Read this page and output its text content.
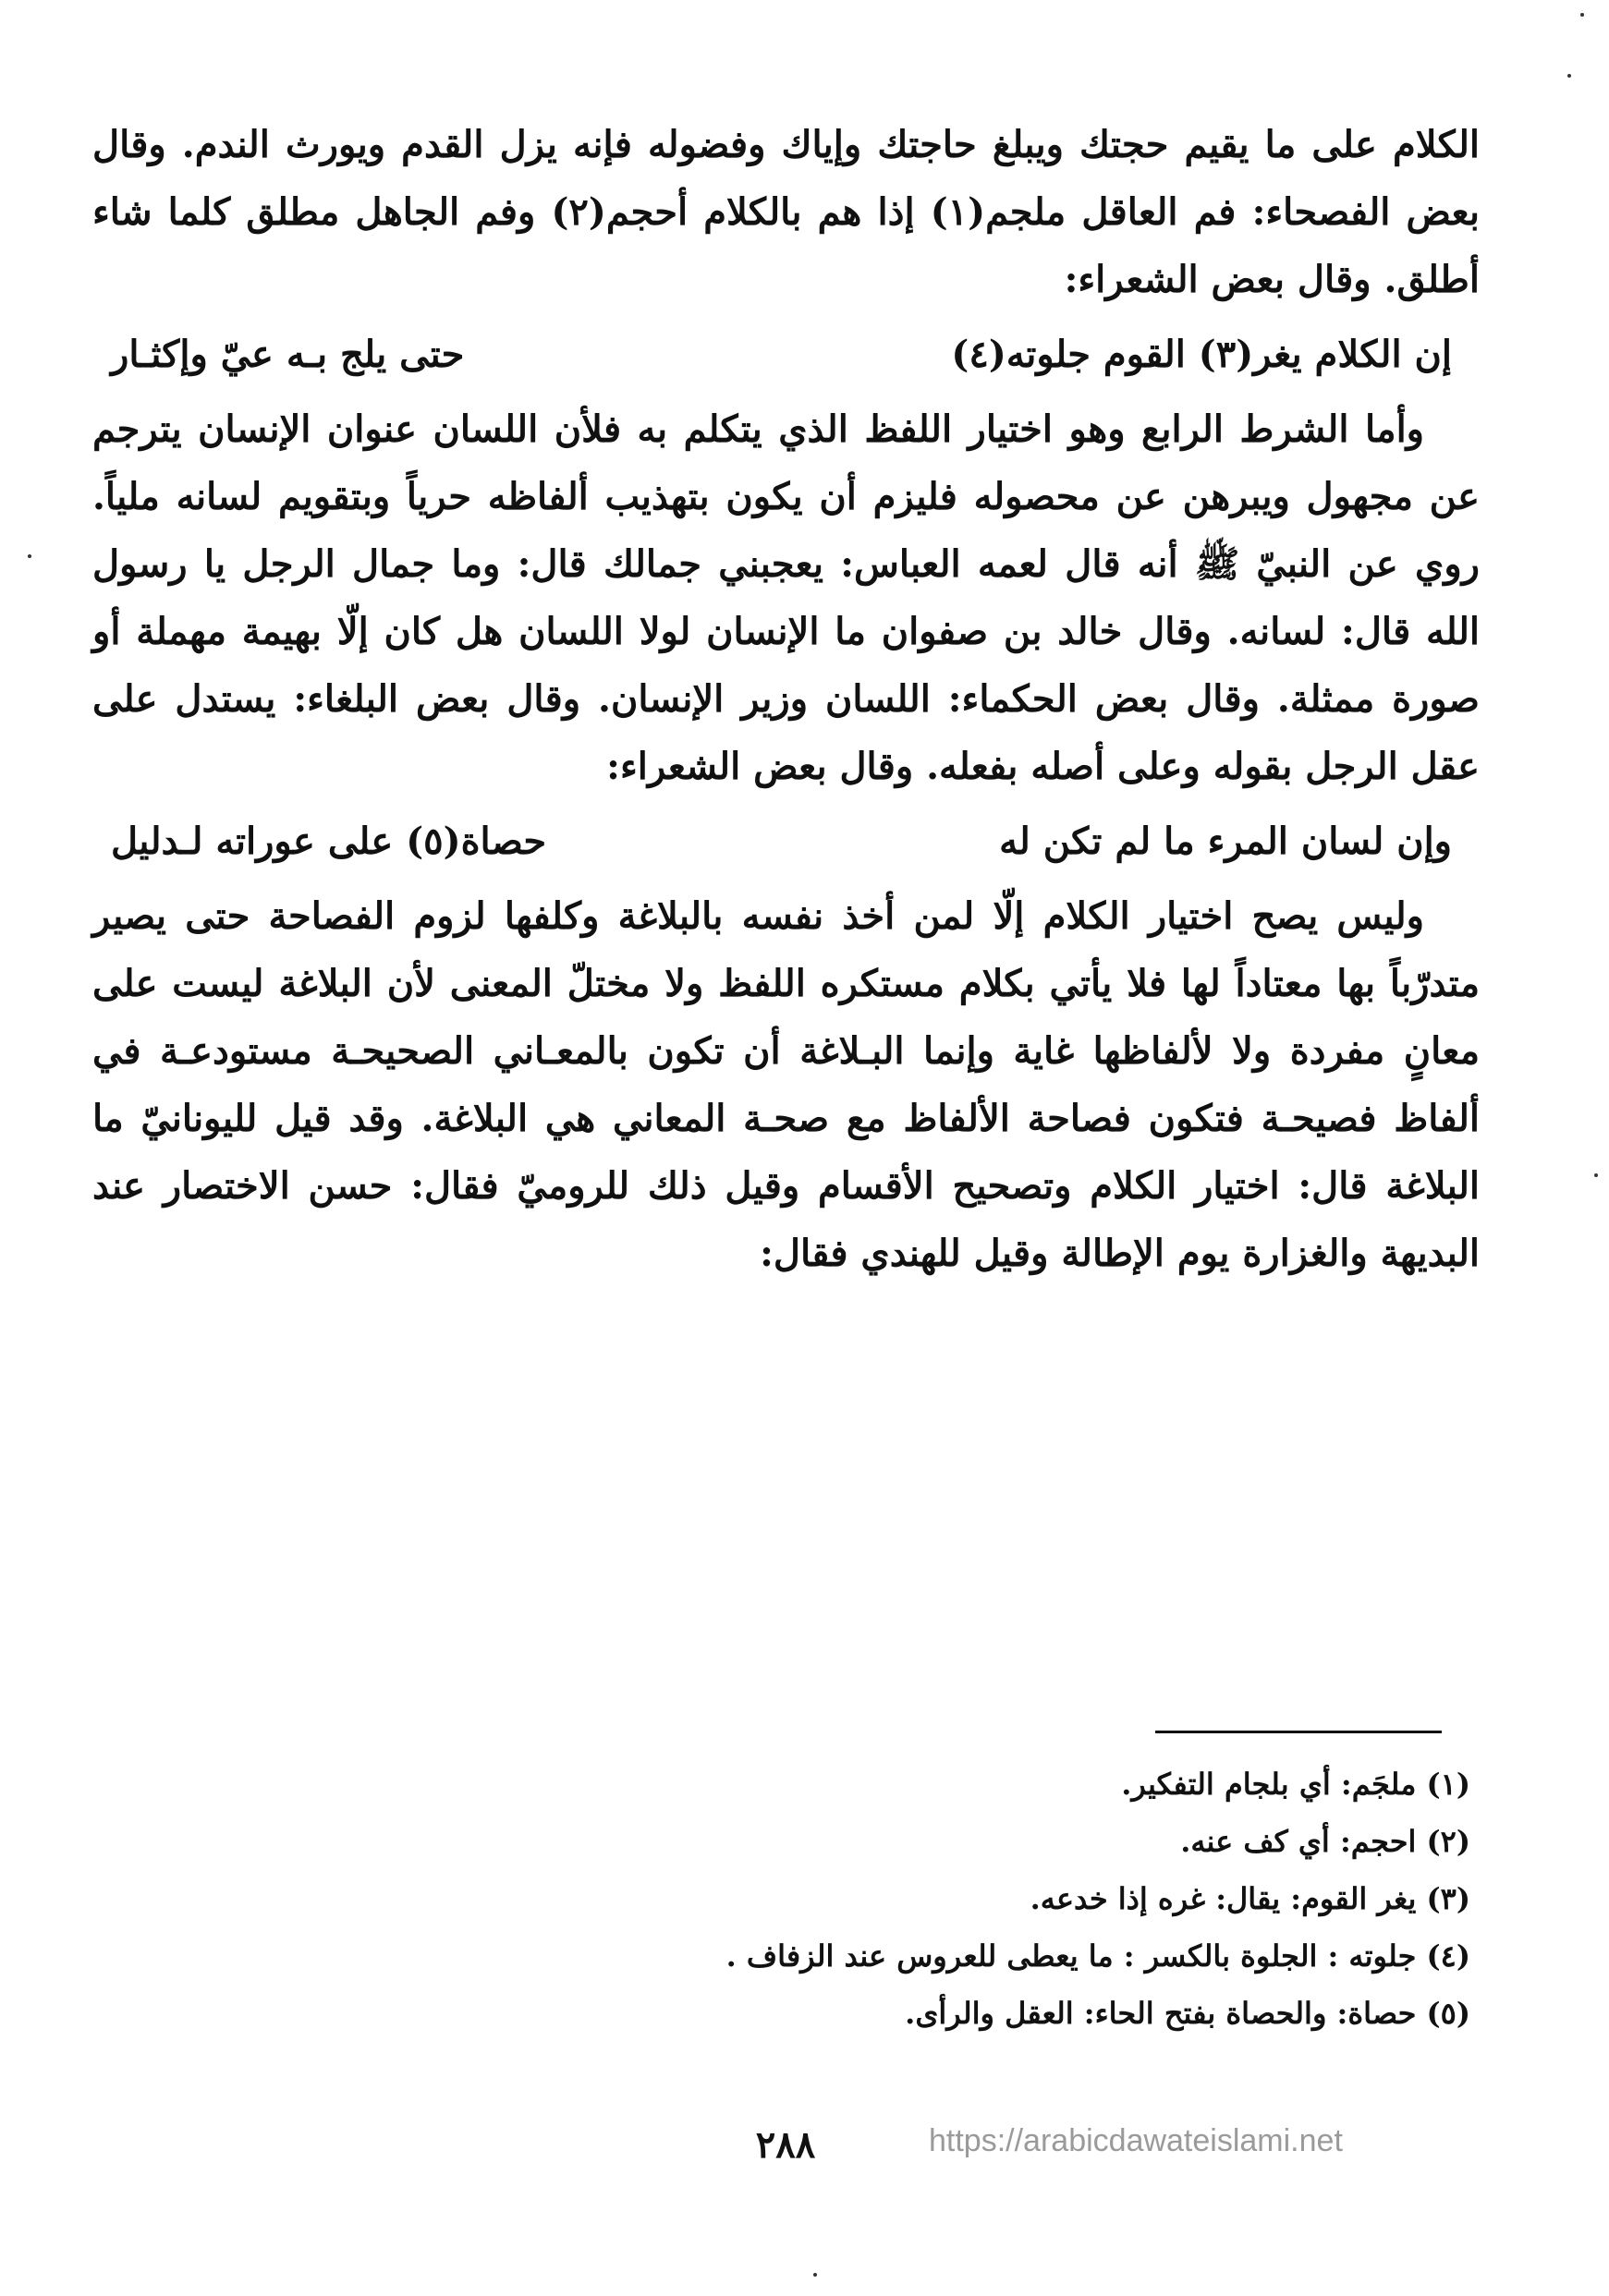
الكلام على ما يقيم حجتك ويبلغ حاجتك وإياك وفضوله فإنه يزل القدم ويورث الندم. وقال بعض الفصحاء: فم العاقل ملجم(١) إذا هم بالكلام أحجم(٢) وفم الجاهل مطلق كلما شاء أطلق. وقال بعض الشعراء:

إن الكلام يغر(٣) القوم جلوته(٤)
حتى يلج بـه عيّ وإكثـار

وأما الشرط الرابع وهو اختيار اللفظ الذي يتكلم به فلأن اللسان عنوان الإنسان يترجم عن مجهول ويبرهن عن محصوله فليزم أن يكون بتهذيب ألفاظه حرياً وبتقويم لسانه ملياً. روي عن النبيّ ﷺ أنه قال لعمه العباس: يعجبني جمالك قال: وما جمال الرجل يا رسول الله قال: لسانه. وقال خالد بن صفوان ما الإنسان لولا اللسان هل كان إلّا بهيمة مهملة أو صورة ممثلة. وقال بعض الحكماء: اللسان وزير الإنسان. وقال بعض البلغاء: يستدل على عقل الرجل بقوله وعلى أصله بفعله. وقال بعض الشعراء:

وإن لسان المرء ما لم تكن له
حصاة(٥) على عوراته لـدليل

وليس يصح اختيار الكلام إلّا لمن أخذ نفسه بالبلاغة وكلفها لزوم الفصاحة حتى يصير متدرّباً بها معتاداً لها فلا يأتي بكلام مستكره اللفظ ولا مختلّ المعنى لأن البلاغة ليست على معانٍ مفردة ولا لألفاظها غاية وإنما البـلاغة أن تكون بالمعـاني الصحيحـة مستودعـة في ألفاظ فصيحـة فتكون فصاحة الألفاظ مع صحـة المعاني هي البلاغة. وقد قيل لليونانيّ ما البلاغة قال: اختيار الكلام وتصحيح الأقسام وقيل ذلك للروميّ فقال: حسن الاختصار عند البديهة والغزارة يوم الإطالة وقيل للهندي فقال:

(١) ملجَم: أي بلجام التفكير.
(٢) احجم: أي كف عنه.
(٣) يغر القوم: يقال: غره إذا خدعه.
(٤) جلوته : الجلوة بالكسر : ما يعطى للعروس عند الزفاف .
(٥) حصاة: والحصاة بفتح الحاء: العقل والرأى.
٢٨٨	https://arabicdawateislami.net
